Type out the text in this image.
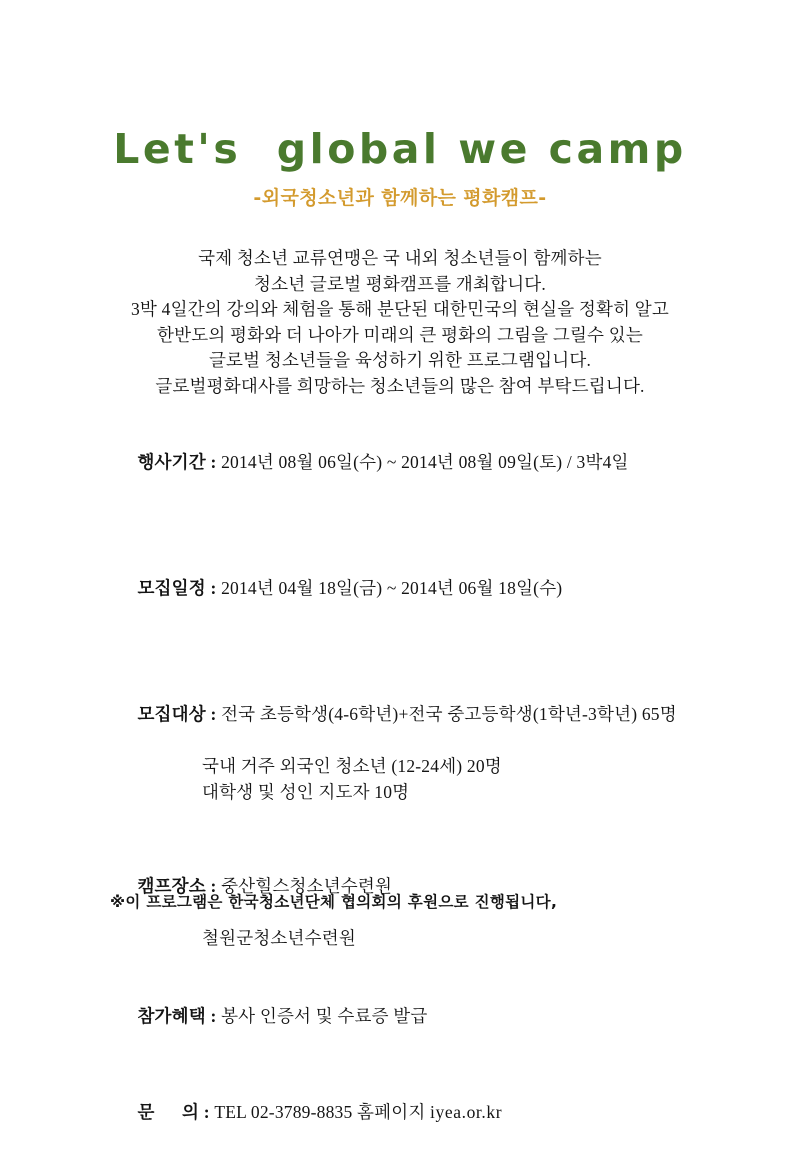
Let's  global we camp
-외국청소년과 함께하는 평화캠프-
국제 청소년 교류연맹은 국 내외 청소년들이 함께하는
청소년 글로벌 평화캠프를 개최합니다.
3박 4일간의 강의와 체험을 통해 분단된 대한민국의 현실을 정확히 알고
한반도의 평화와 더 나아가 미래의 큰 평화의 그림을 그릴수 있는
글로벌 청소년들을 육성하기 위한 프로그램입니다.
글로벌평화대사를 희망하는 청소년들의 많은 참여 부탁드립니다.

행사기간 : 2014년 08월 06일(수) ~ 2014년 08월 09일(토) / 3박4일

모집일정 : 2014년 04월 18일(금) ~ 2014년 06월 18일(수)

모집대상 : 전국 초등학생(4-6학년)+전국 중고등학생(1학년-3학년) 65명

국내 거주 외국인 청소년 (12-24세) 20명
대학생 및 성인 지도자 10명

캠프장소 : 중산힐스청소년수련원

철원군청소년수련원

참가혜택 : 봉사 인증서 및 수료증 발급

문      의 : TEL 02-3789-8835 홈페이지 iyea.or.kr

※이 프로그램은 한국청소년단체 협의회의 후원으로 진행됩니다,
